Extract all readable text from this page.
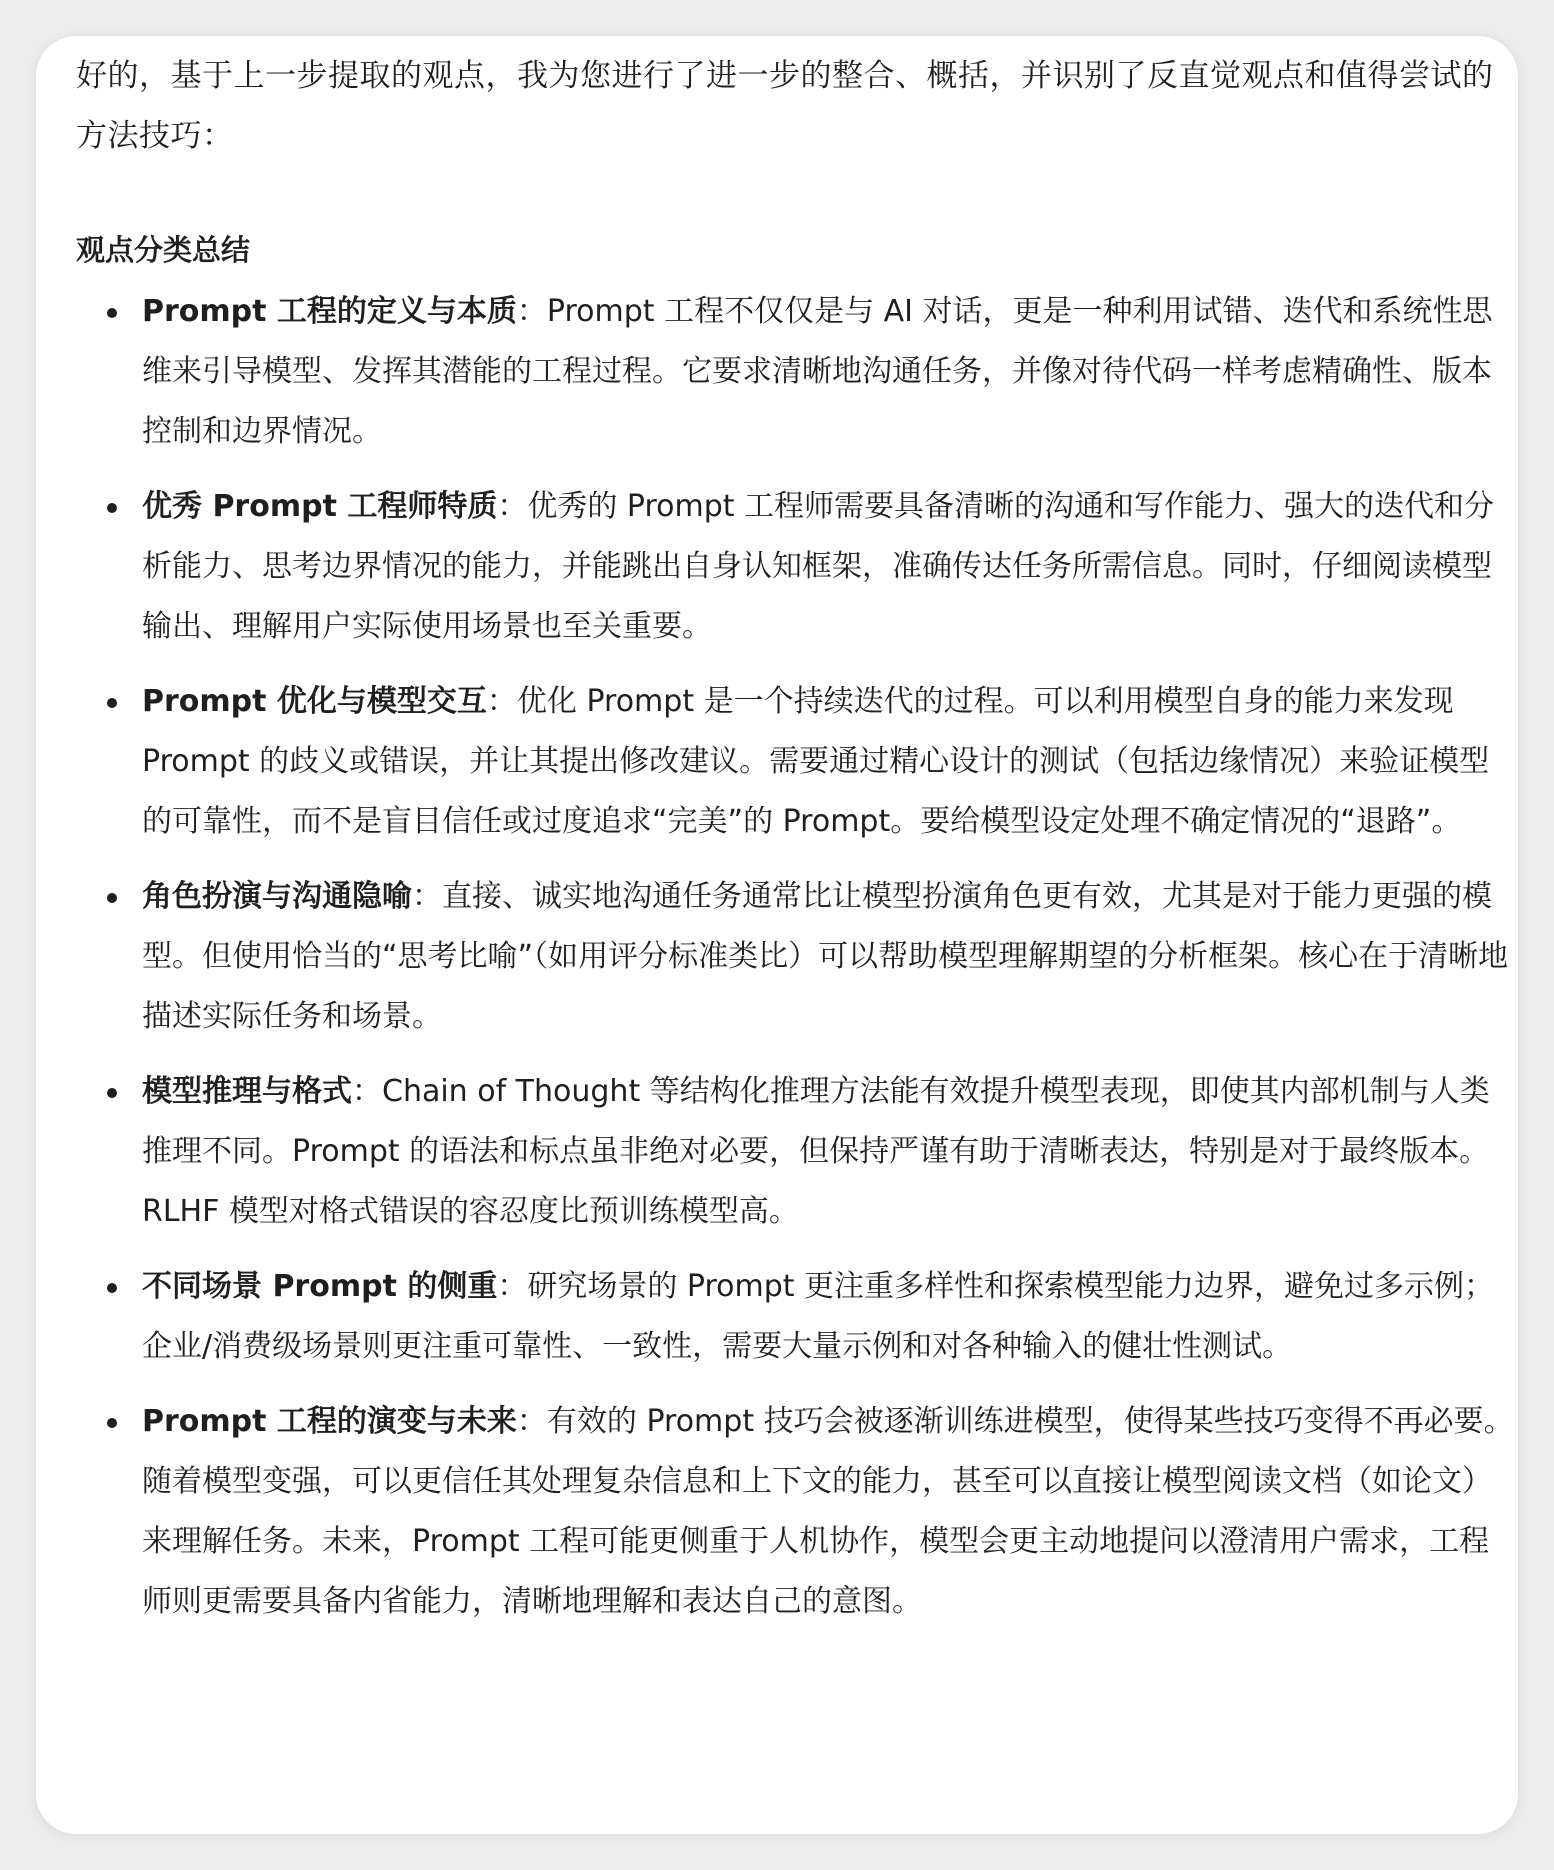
好的，基于上一步提取的观点，我为您进行了进一步的整合、概括，并识别了反直觉观点和值得尝试的方法技巧：

观点分类总结
Prompt 工程的定义与本质：Prompt 工程不仅仅是与 AI 对话，更是一种利用试错、迭代和系统性思维来引导模型、发挥其潜能的工程过程。它要求清晰地沟通任务，并像对待代码一样考虑精确性、版本控制和边界情况。
优秀 Prompt 工程师特质：优秀的 Prompt 工程师需要具备清晰的沟通和写作能力、强大的迭代和分析能力、思考边界情况的能力，并能跳出自身认知框架，准确传达任务所需信息。同时，仔细阅读模型输出、理解用户实际使用场景也至关重要。
Prompt 优化与模型交互：优化 Prompt 是一个持续迭代的过程。可以利用模型自身的能力来发现 Prompt 的歧义或错误，并让其提出修改建议。需要通过精心设计的测试（包括边缘情况）来验证模型的可靠性，而不是盲目信任或过度追求“完美”的 Prompt。要给模型设定处理不确定情况的“退路”。
角色扮演与沟通隐喻：直接、诚实地沟通任务通常比让模型扮演角色更有效，尤其是对于能力更强的模型。但使用恰当的“思考比喻”（如用评分标准类比）可以帮助模型理解期望的分析框架。核心在于清晰地描述实际任务和场景。
模型推理与格式：Chain of Thought 等结构化推理方法能有效提升模型表现，即使其内部机制与人类推理不同。Prompt 的语法和标点虽非绝对必要，但保持严谨有助于清晰表达，特别是对于最终版本。RLHF 模型对格式错误的容忍度比预训练模型高。
不同场景 Prompt 的侧重：研究场景的 Prompt 更注重多样性和探索模型能力边界，避免过多示例；企业/消费级场景则更注重可靠性、一致性，需要大量示例和对各种输入的健壮性测试。
Prompt 工程的演变与未来：有效的 Prompt 技巧会被逐渐训练进模型，使得某些技巧变得不再必要。随着模型变强，可以更信任其处理复杂信息和上下文的能力，甚至可以直接让模型阅读文档（如论文）来理解任务。未来，Prompt 工程可能更侧重于人机协作，模型会更主动地提问以澄清用户需求，工程师则更需要具备内省能力，清晰地理解和表达自己的意图。
